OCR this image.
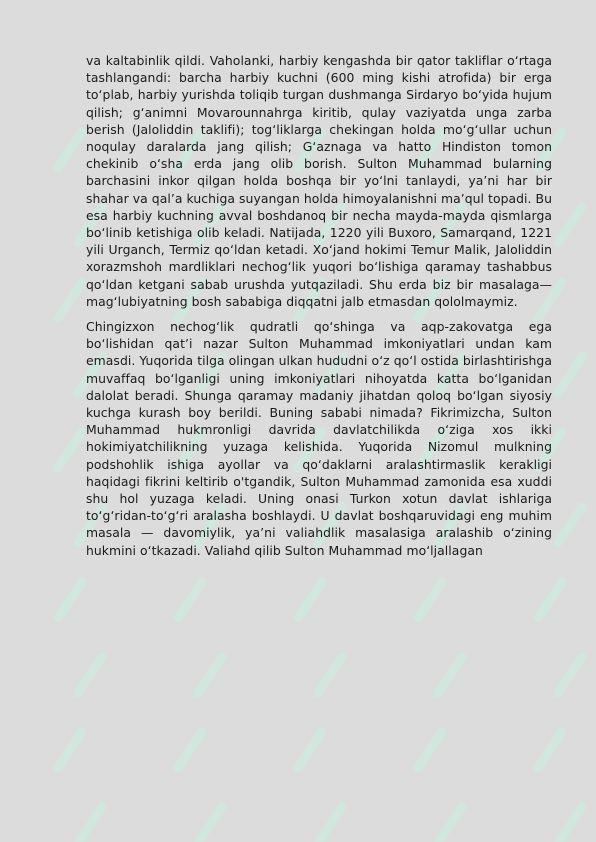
va kaltabinlik qildi. Vaholanki, harbiy kengashda bir qator takliflar o‘rtaga tashlangandi: barcha harbiy kuchni (600 ming kishi atrofida) bir erga to‘plab, harbiy yurishda toliqib turgan dushmanga Sirdaryo bo‘yida hujum qilish; g‘animni Movarounnahrga kiritib, qulay vaziyatda unga zarba berish (Jaloliddin taklifi); tog‘liklarga chekingan holda mo‘g‘ullar uchun noqulay daralarda jang qilish; G‘aznaga va hatto Hindiston tomon chekinib o‘sha erda jang olib borish. Sulton Muhammad bularning barchasini inkor qilgan holda boshqa bir yo‘lni tanlaydi, ya’ni har bir shahar va qal’a kuchiga suyangan holda himoyalanishni ma’qul topadi. Bu esa harbiy kuchning avval boshdanoq bir necha mayda-mayda qismlarga bo‘linib ketishiga olib keladi. Natijada, 1220 yili Buxoro, Samarqand, 1221 yili Urganch, Termiz qo‘ldan ketadi. Xo‘jand hokimi Temur Malik, Jaloliddin xorazmshoh mardliklari nechog‘lik yuqori bo‘lishiga qaramay tashabbus qo‘ldan ketgani sabab urushda yutqaziladi. Shu erda biz bir masalaga— mag‘lubiyatning bosh sababiga diqqatni jalb etmasdan qololmaymiz.

Chingizxon nechog‘lik qudratli qo‘shinga va aqp-zakovatga ega bo‘lishidan qat’i nazar Sulton Muhammad imkoniyatlari undan kam emasdi. Yuqorida tilga olingan ulkan hududni o‘z qo‘l ostida birlashtirishga muvaffaq bo‘lganligi uning imkoniyatlari nihoyatda katta bo‘lganidan dalolat beradi. Shunga qaramay madaniy jihatdan qoloq bo‘lgan siyosiy kuchga kurash boy berildi. Buning sababi nimada? Fikrimizcha, Sulton Muhammad hukmronligi davrida davlatchilikda o‘ziga xos ikki hokimiyatchilikning yuzaga kelishida. Yuqorida Nizomul mulkning podshohlik ishiga ayollar va qo‘daklarni aralashtirmaslik kerakligi haqidagi fikrini keltirib o'tgandik, Sulton Muhammad zamonida esa xuddi shu hol yuzaga keladi. Uning onasi Turkon xotun davlat ishlariga to‘g‘ridan-to‘g‘ri aralasha boshlaydi. U davlat boshqaruvidagi eng muhim masala — davomiylik, ya’ni valiahdlik masalasiga aralashib o‘zining hukmini o‘tkazadi. Valiahd qilib Sulton Muhammad mo‘ljallagan
